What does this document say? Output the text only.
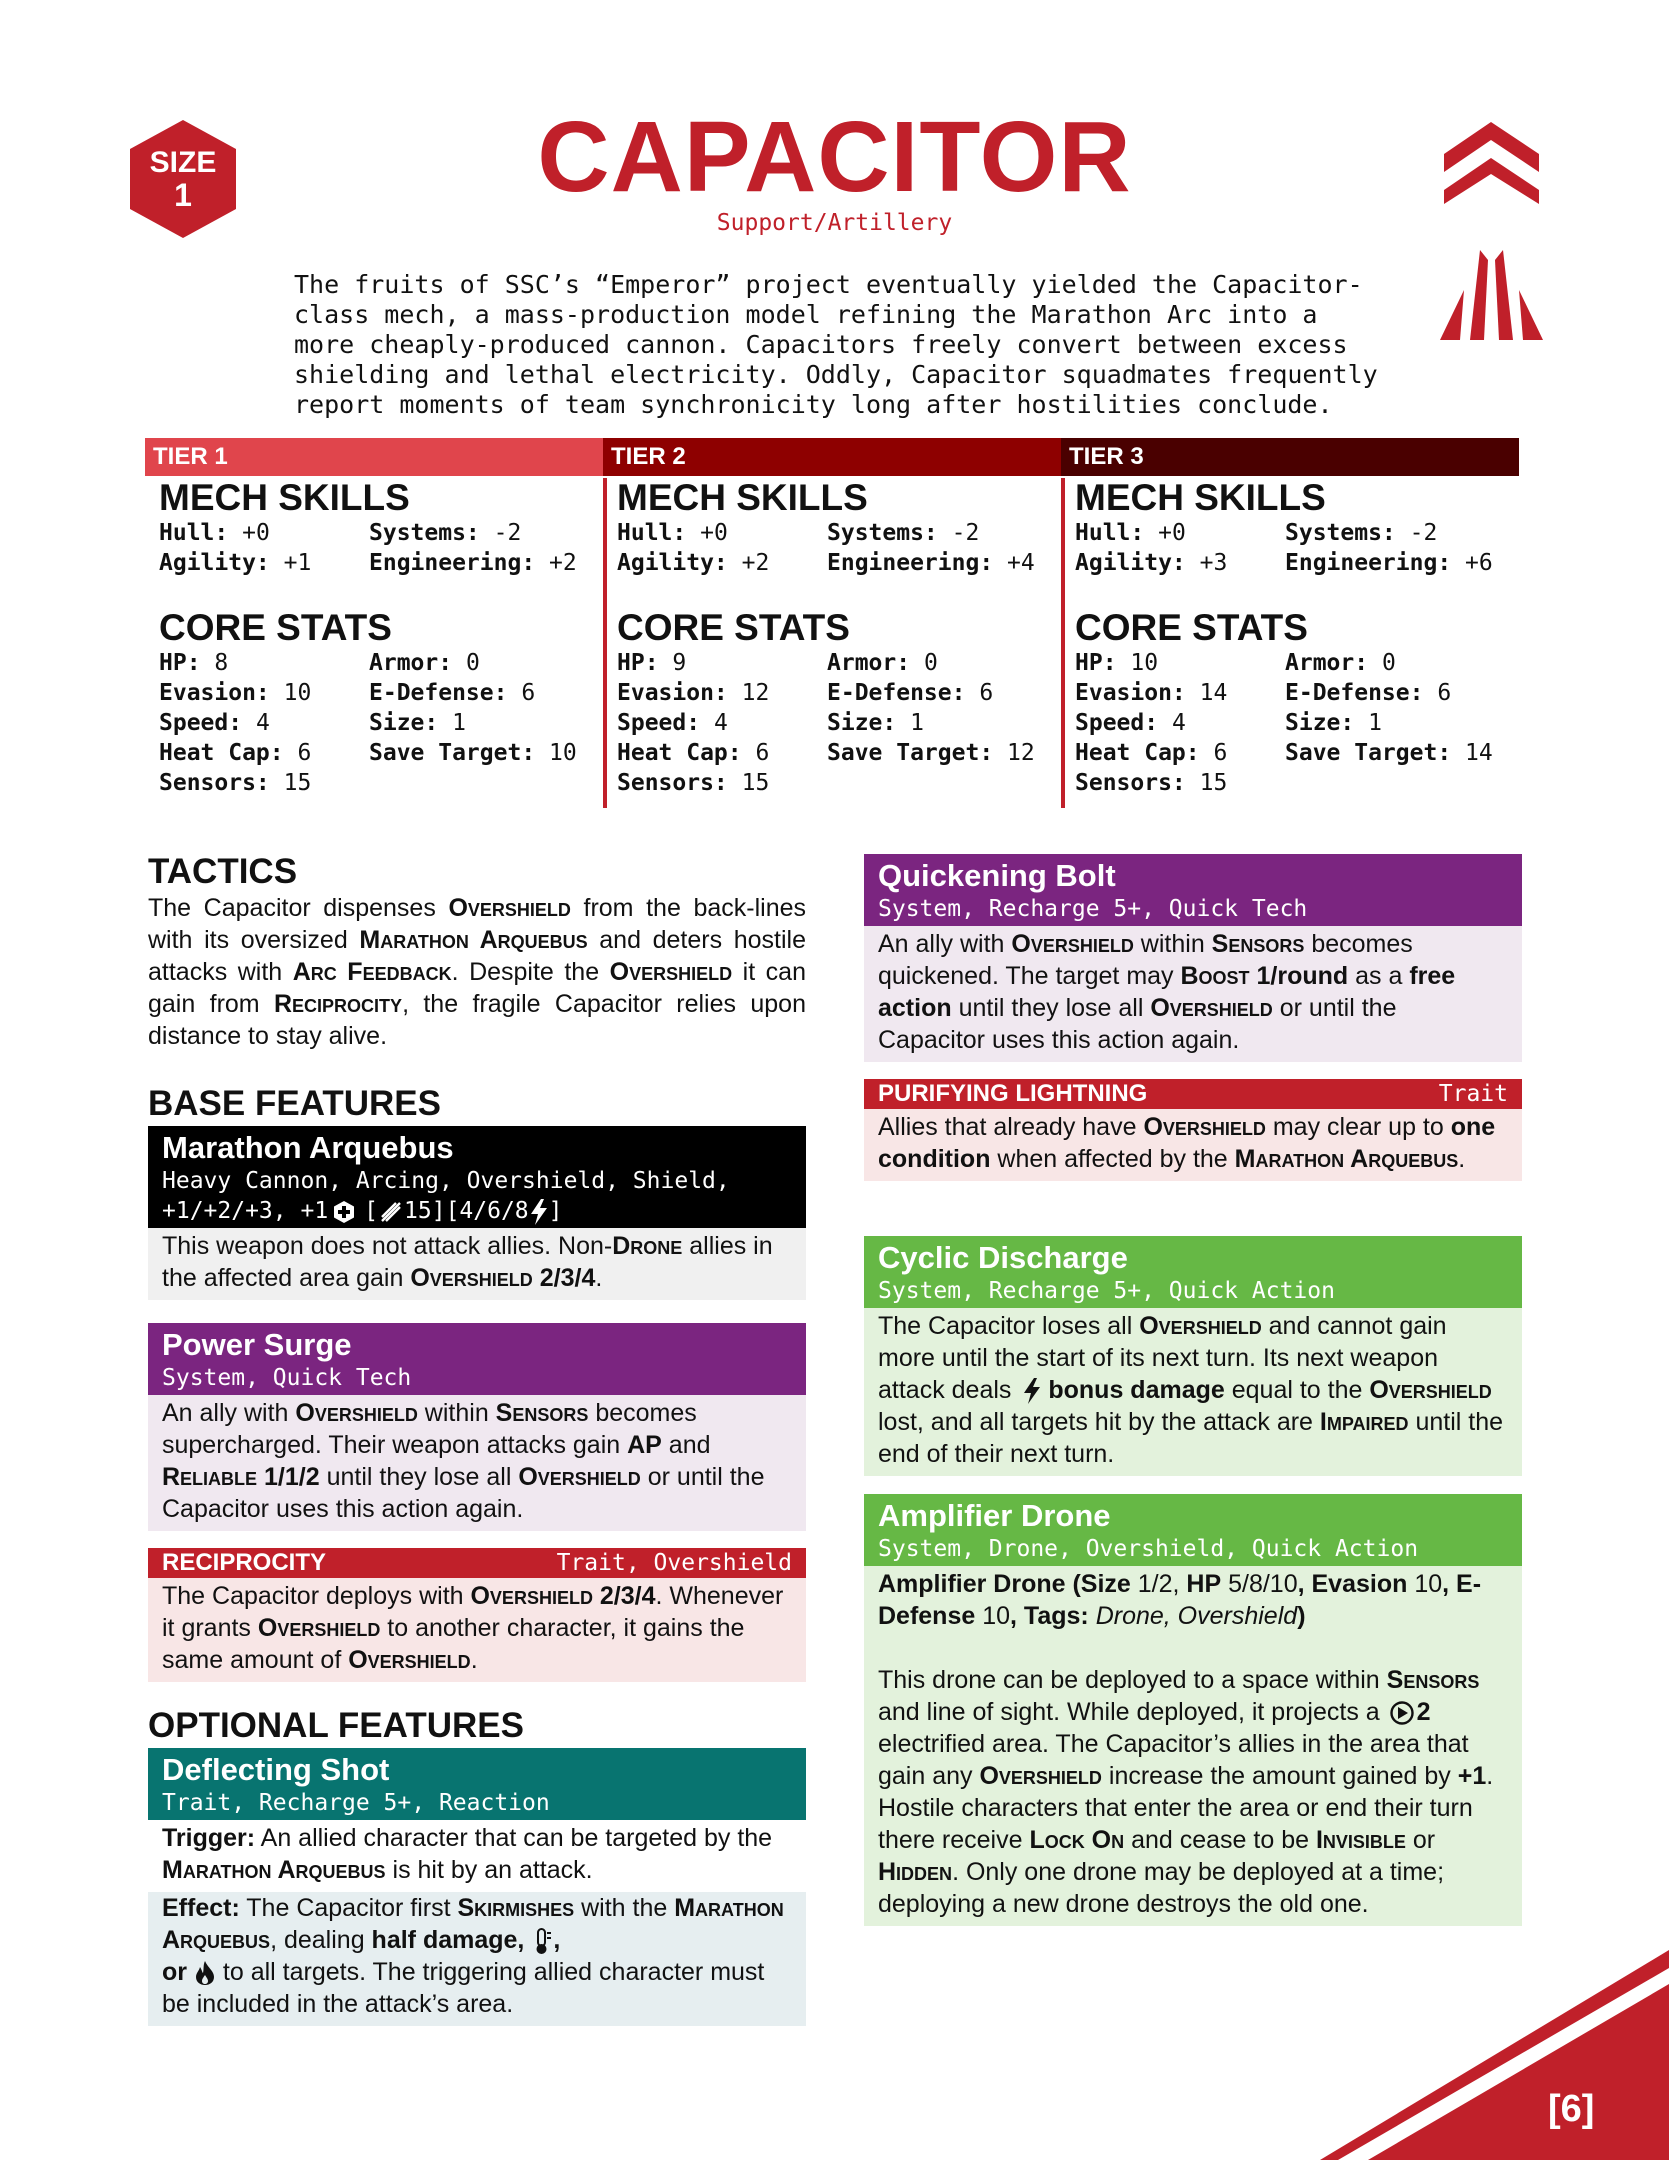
SIZE
1	CAPACITOR
Support/Artillery
The fruits of SSC’s “Emperor” project eventually yielded the Capacitor-
class mech, a mass-production model refining the Marathon Arc into a
more cheaply-produced cannon. Capacitors freely convert between excess
shielding and lethal electricity. Oddly, Capacitor squadmates frequently
report moments of team synchronicity long after hostilities conclude.
TIER 1
MECH SKILLS
Hull: +0	Systems: -2
Agility: +1	Engineering: +2
CORE STATS
HP: 8	Armor: 0
Evasion: 10	E-Defense: 6
Speed: 4	Size: 1
Heat Cap: 6	Save Target: 10
Sensors: 15
TIER 2
MECH SKILLS
Hull: +0	Systems: -2
Agility: +2	Engineering: +4
CORE STATS
HP: 9	Armor: 0
Evasion: 12	E-Defense: 6
Speed: 4	Size: 1
Heat Cap: 6	Save Target: 12
Sensors: 15
TIER 3
MECH SKILLS
Hull: +0	Systems: -2
Agility: +3	Engineering: +6
CORE STATS
HP: 10	Armor: 0
Evasion: 14	E-Defense: 6
Speed: 4	Size: 1
Heat Cap: 6	Save Target: 14
Sensors: 15
TACTICS
The Capacitor dispenses Overshield from the back-lines with its oversized Marathon Arquebus and deters hostile attacks with Arc Feedback. Despite the Overshield it can gain from Reciprocity, the fragile Capacitor relies upon distance to stay alive.
BASE FEATURES
Marathon Arquebus
Heavy Cannon, Arcing, Overshield, Shield,
+1/+2/+3, +1 [ 15][4/6/8 ]
This weapon does not attack allies. Non-Drone allies in the affected area gain Overshield 2/3/4.
Power Surge
System, Quick Tech
An ally with Overshield within Sensors becomes supercharged. Their weapon attacks gain AP and Reliable 1/1/2 until they lose all Overshield or until the Capacitor uses this action again.
RECIPROCITY	Trait, Overshield
The Capacitor deploys with Overshield 2/3/4. Whenever it grants Overshield to another character, it gains the same amount of Overshield.
OPTIONAL FEATURES
Deflecting Shot
Trait, Recharge 5+, Reaction
Trigger: An allied character that can be targeted by the Marathon Arquebus is hit by an attack.
Effect: The Capacitor first Skirmishes with the Marathon Arquebus, dealing half damage, ,
or  to all targets. The triggering allied character must be included in the attack’s area.
Quickening Bolt
System, Recharge 5+, Quick Tech
An ally with Overshield within Sensors becomes quickened. The target may Boost 1/round as a free action until they lose all Overshield or until the Capacitor uses this action again.
PURIFYING LIGHTNING	Trait
Allies that already have Overshield may clear up to one condition when affected by the Marathon Arquebus.
Cyclic Discharge
System, Recharge 5+, Quick Action
The Capacitor loses all Overshield and cannot gain more until the start of its next turn. Its next weapon attack deals bonus damage equal to the Overshield lost, and all targets hit by the attack are Impaired until the end of their next turn.
Amplifier Drone
System, Drone, Overshield, Quick Action
Amplifier Drone (Size 1/2, HP 5/8/10, Evasion 10, E-Defense 10, Tags: Drone, Overshield)
This drone can be deployed to a space within Sensors and line of sight. While deployed, it projects a 2 electrified area. The Capacitor’s allies in the area that gain any Overshield increase the amount gained by +1. Hostile characters that enter the area or end their turn there receive Lock On and cease to be Invisible or Hidden. Only one drone may be deployed at a time; deploying a new drone destroys the old one.
[6]
